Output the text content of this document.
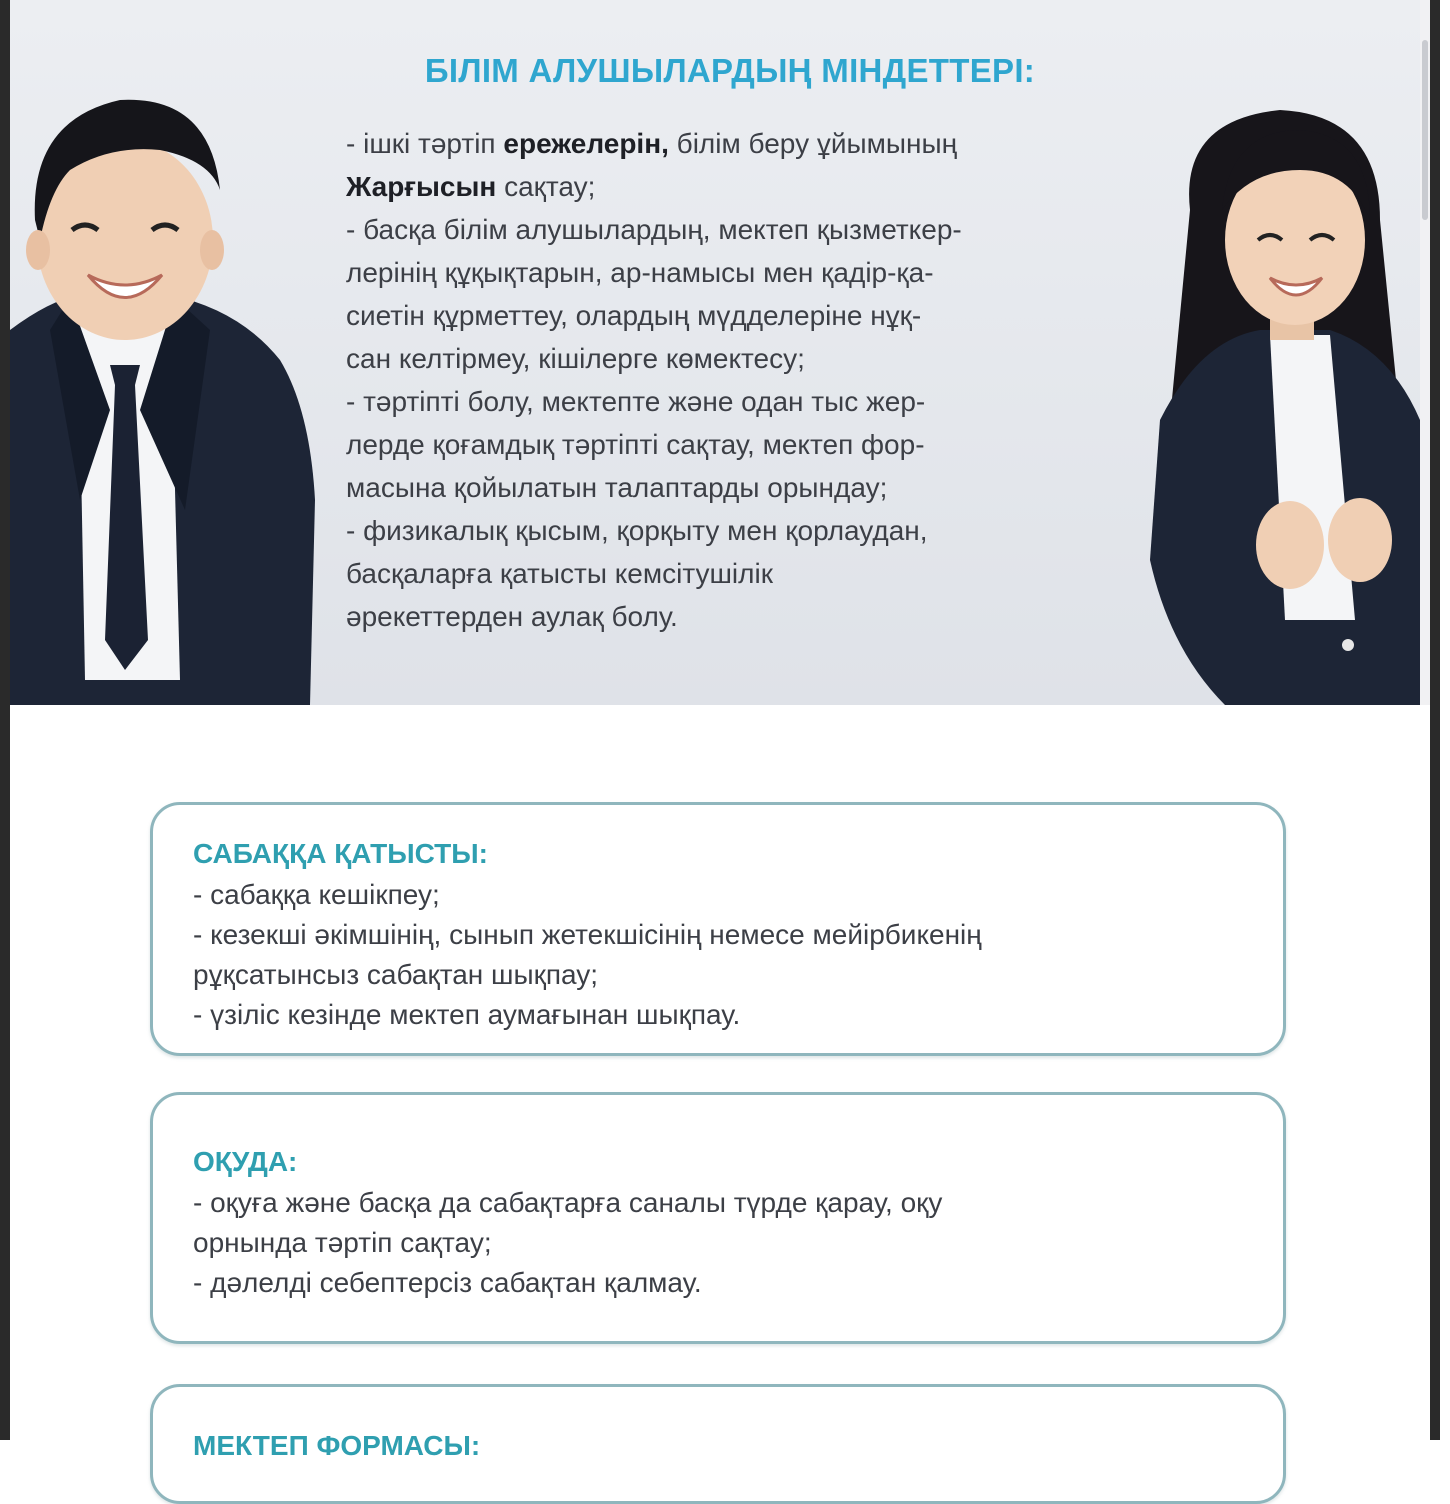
БІЛІМ АЛУШЫЛАРДЫҢ МІНДЕТТЕРІ:
- ішкі тәртіп ережелерін, білім беру ұйымының
Жарғысын сақтау;
- басқа білім алушылардың, мектеп қызметкер-
лерінің құқықтарын, ар-намысы мен қадір-қа-
сиетін құрметтеу, олардың мүдделеріне нұқ-
сан келтірмеу, кішілерге көмектесу;
- тәртіпті болу, мектепте және одан тыс жер-
лерде қоғамдық тәртіпті сақтау, мектеп фор-
масына қойылатын талаптарды орындау;
- физикалық қысым, қорқыту мен қорлаудан,
басқаларға қатысты кемсітушілік
әрекеттерден аулақ болу.

САБАҚҚА ҚАТЫСТЫ:

- сабаққа кешікпеу;

- кезекші әкімшінің, сынып жетекшісінің немесе мейірбикенің

рұқсатынсыз сабақтан шықпау;

- үзіліс кезінде мектеп аумағынан шықпау.

ОҚУДА:

- оқуға және басқа да сабақтарға саналы түрде қарау, оқу

орнында тәртіп сақтау;

- дәлелді себептерсіз сабақтан қалмау.

МЕКТЕП ФОРМАСЫ:
